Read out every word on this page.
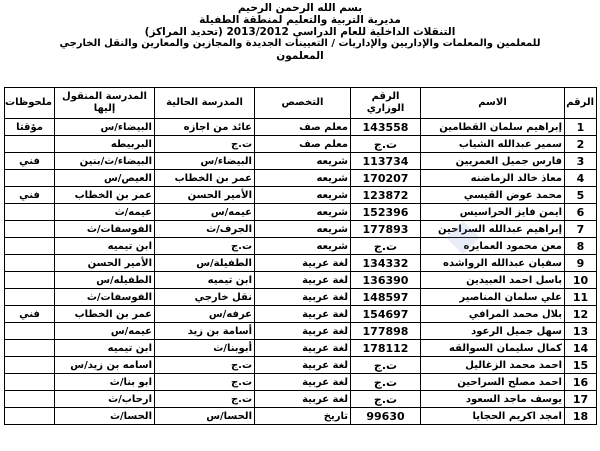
بسم الله الرحمن الرحيم
مديرية التربية والتعليم لمنطقة الطفيلة
التنقلات الداخلية للعام الدراسي 2013/2012 (تحديد المراكز)
للمعلمين والمعلمات والإداريين والإداريات / التعيينات الجديدة والمجازين والمعارين والنقل الخارجي
المعلمون
الرقم	الاسم	الرقم الوزاري	التخصص	المدرسة الحالية	المدرسة المنقول إليها	ملحوظات
1	إبراهيم سلمان القطامين	143558	معلم صف	عائد من اجازه	البيضاء/س	مؤقتا
2	سمير عبدالله الشياب	ت.ج	معلم صف	ت.ج	البربيطه	
3	فارس جميل العمريين	113734	شريعه	البيضاء/س	البيضاء/ث/بنين	فني
4	معاذ خالد الرماضنه	170207	شريعه	عمر بن الخطاب	العيص/س	
5	محمد عوض القيسي	123872	شريعه	الأمير الحسن	عمر بن الخطاب	فني
6	ايمن فايز الحراسيس	152396	شريعه	عيمه/س	عيمه/ث	
7	إبراهيم عبدالله السراحين	177893	شريعه	الجرف/ث	الفوسفات/ث	
8	معن محمود العمايره	ت.ج	شريعه	ت.ج	ابن تيميه	
9	سفيان عبدالله الرواشده	134332	لغة عربية	الطفيلة/س	الأمير الحسن	
10	باسل احمد العبيدين	136390	لغة عربية	ابن تيميه	الطفيله/س	
11	علي سلمان المناصير	148597	لغة عربية	نقل خارجي	الفوسفات/ث	
12	بلال محمد المرافي	154697	لغة عربية	عرفه/س	عمر بن الخطاب	فني
13	سهل جميل الرعود	177898	لغة عربية	أسامة بن زيد	عيمه/س	
14	كمال سليمان السوالقه	178112	لغة عربية	أبوبنا/ث	ابن تيميه	
15	احمد محمد الزغاليل	ت.ج	لغة عربية	ت.ج	اسامه بن زيد/س	
16	احمد مصلح السراحين	ت.ج	لغة عربية	ت.ج	ابو بنا/ث	
17	يوسف ماجد السعود	ت.ج	لغة عربية	ت.ج	ارحاب/ث	
18	امجد اكريم الحجايا	99630	تاريخ	الحسا/س	الحسا/ث	
◆
